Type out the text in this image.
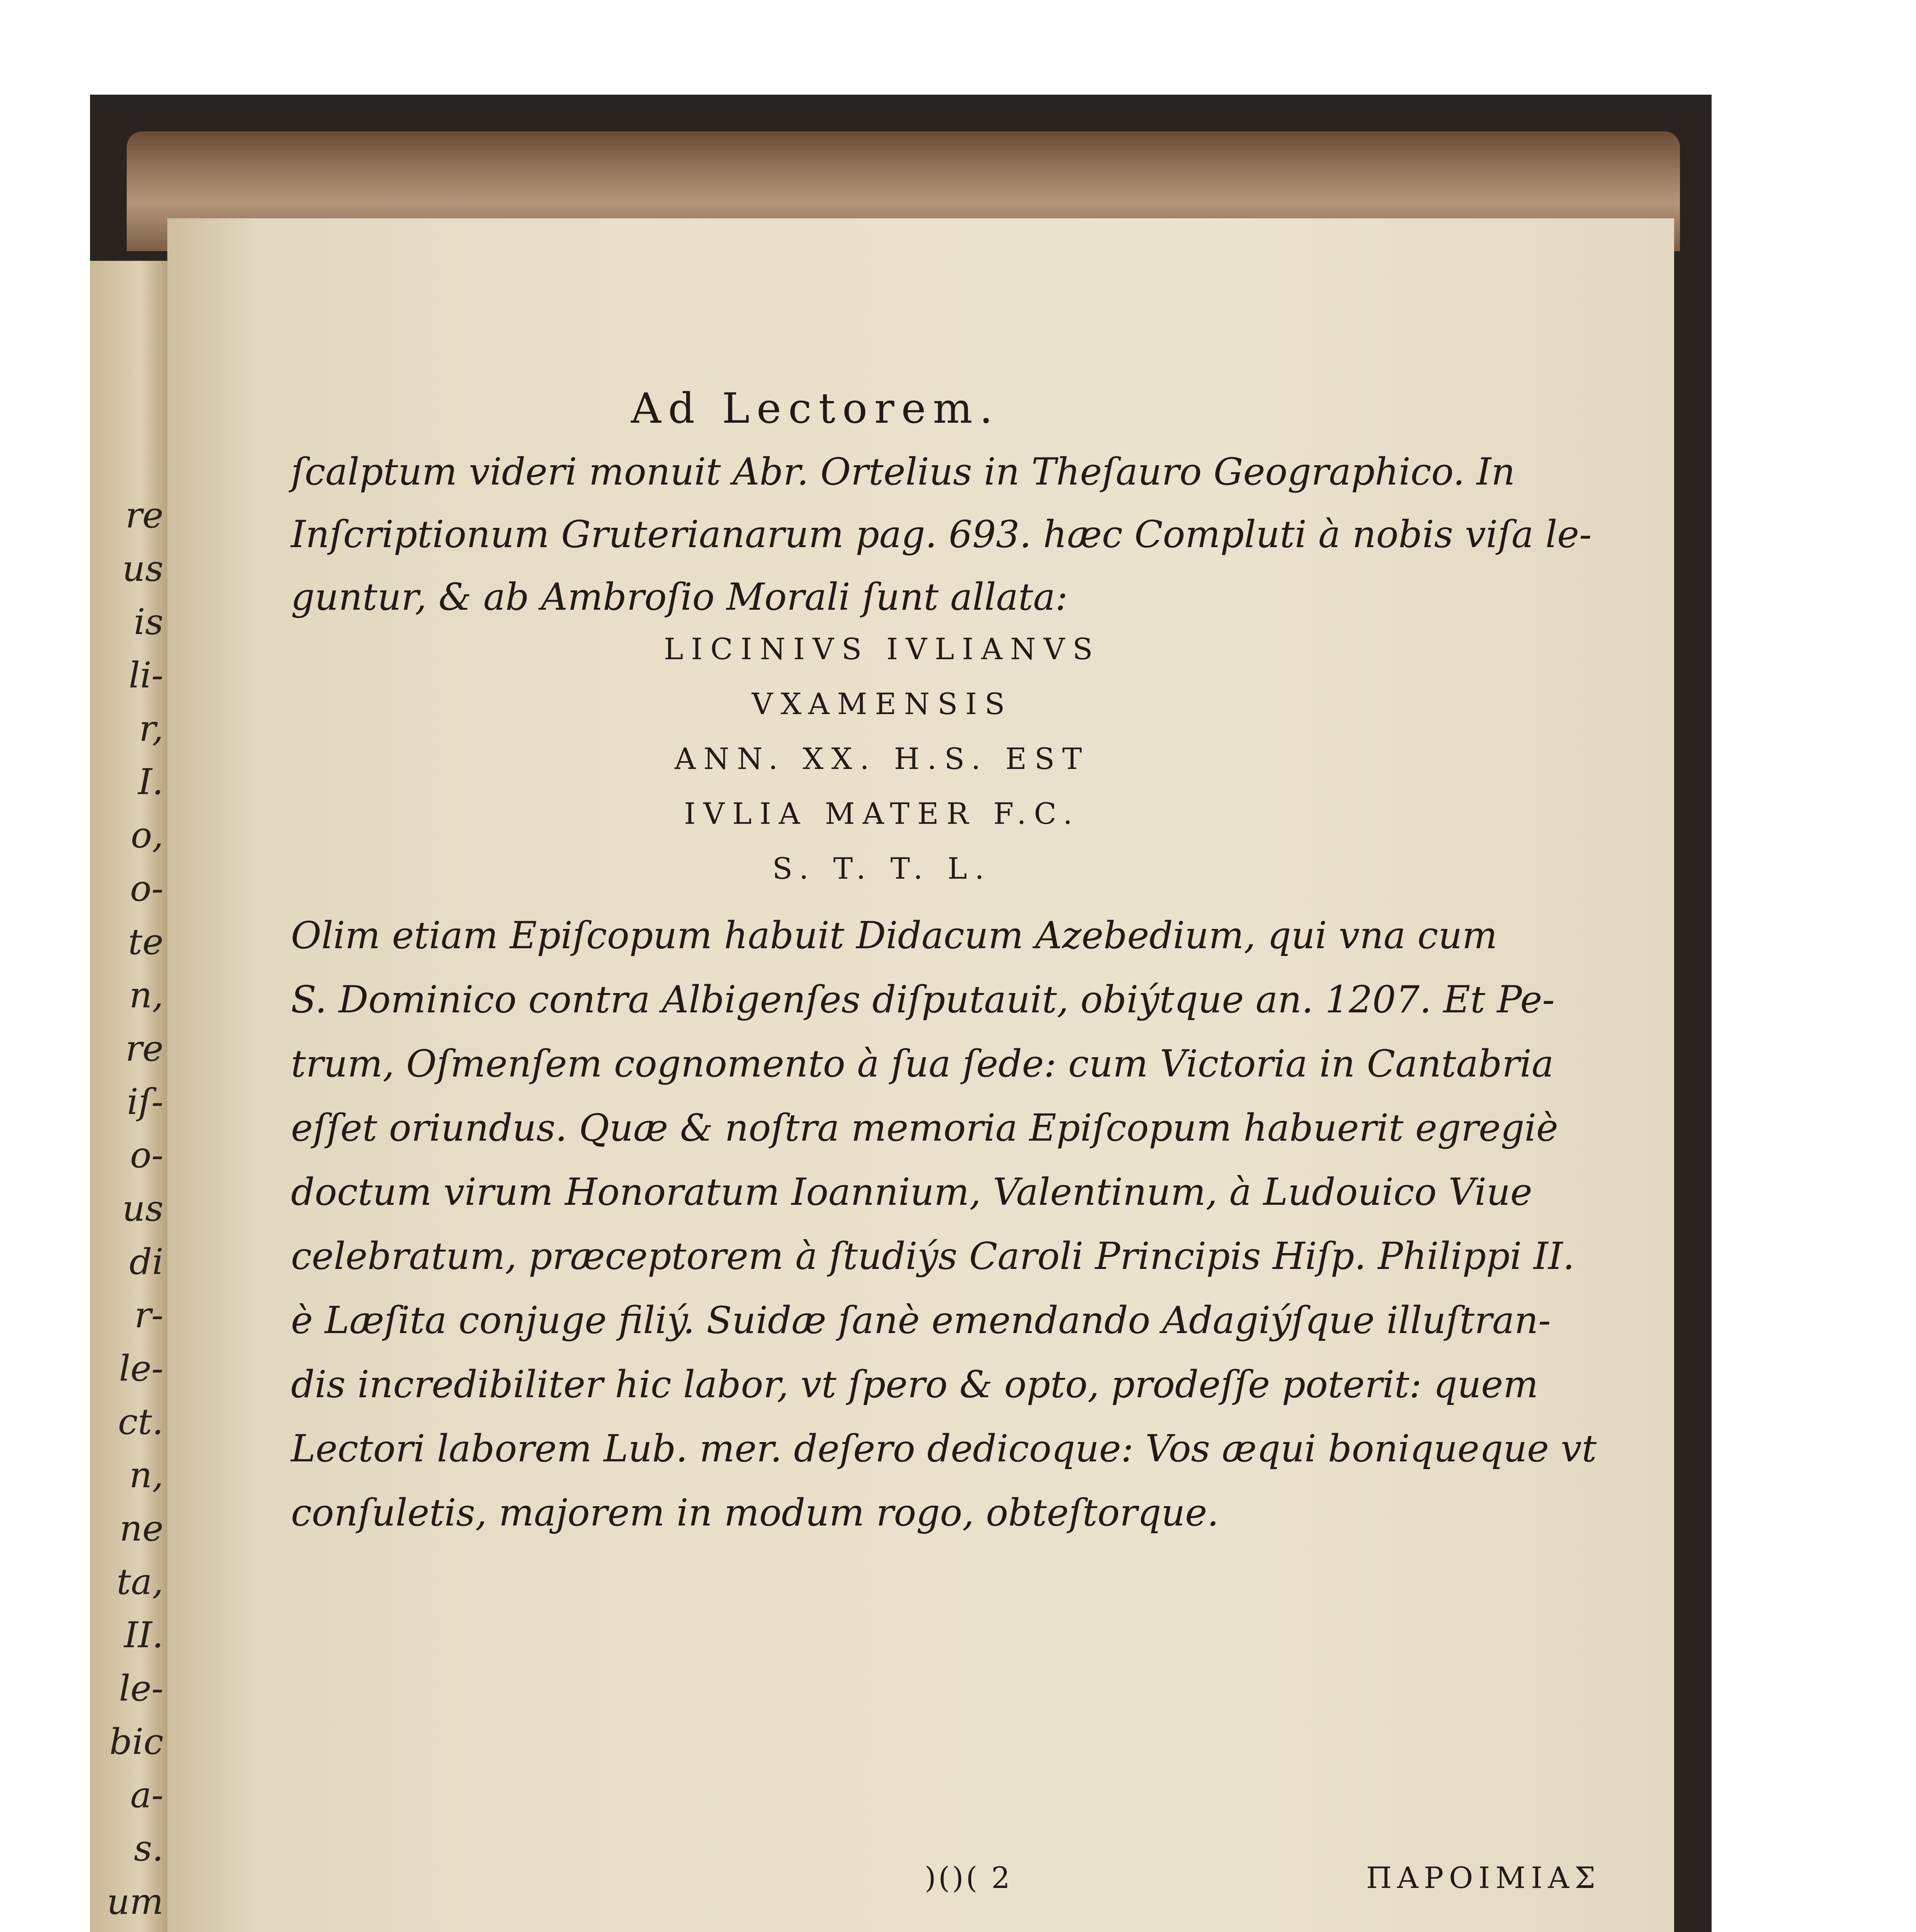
re
us
is
li-
r,
I.
o,
o-
te
n,
re
iſ-
o-
us
di
r-
le-
ct.
n,
ne
ta,
II.
le-
bic
a-
s.
um

Ad Lectorem.
ſcalptum videri monuit Abr. Ortelius in Theſauro Geographico. In
Inſcriptionum Gruterianarum pag. 693. hæc Compluti à nobis viſa le-
guntur, & ab Ambroſio Morali ſunt allata:
LICINIVS IVLIANVS
VXAMENSIS
ANN. XX. H.S. EST
IVLIA MATER F.C.
S. T. T. L.
Olim etiam Epiſcopum habuit Didacum Azebedium, qui vna cum
S. Dominico contra Albigenſes diſputauit, obiýtque an. 1207. Et Pe-
trum, Oſmenſem cognomento à ſua ſede: cum Victoria in Cantabria
eſſet oriundus. Quæ & noſtra memoria Epiſcopum habuerit egregiè
doctum virum Honoratum Ioannium, Valentinum, à Ludouico Viue
celebratum, præceptorem à ſtudiýs Caroli Principis Hiſp. Philippi II.
è Læſita conjuge filiý. Suidæ ſanè emendando Adagiýſque illuſtran-
dis incredibiliter hic labor, vt ſpero & opto, prodeſſe poterit: quem
Lectori laborem Lub. mer. deſero dedicoque: Vos æqui boniqueque vt
conſuletis, majorem in modum rogo, obteſtorque.
)()( 2	ΠΑΡΟΙΜΙΑΣ
